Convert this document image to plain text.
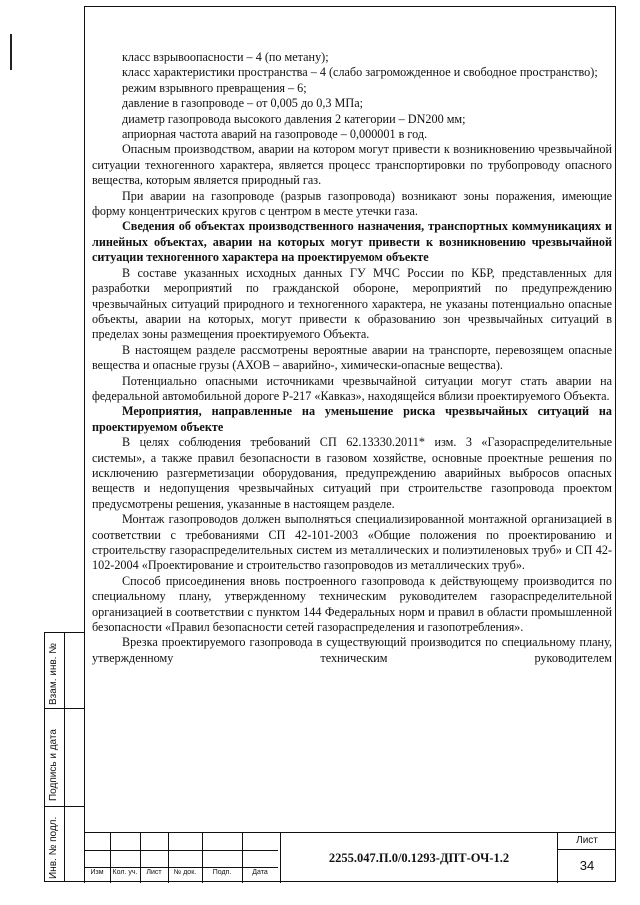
класс взрывоопасности – 4 (по метану);

класс характеристики пространства – 4 (слабо загроможденное и свободное пространство);

режим взрывного превращения – 6;

давление в газопроводе – от 0,005 до 0,3 МПа;

диаметр газопровода высокого давления 2 категории – DN200 мм;

априорная частота аварий на газопроводе – 0,000001 в год.

Опасным производством, аварии на котором могут привести к возникновению чрезвычайной ситуации техногенного характера, является процесс транспортировки по трубопроводу опасного вещества, которым является природный газ.

При аварии на газопроводе (разрыв газопровода) возникают зоны поражения, имеющие форму концентрических кругов с центром в месте утечки газа.

Сведения об объектах производственного назначения, транспортных коммуникациях и линейных объектах, аварии на которых могут привести к возникновению чрезвычайной ситуации техногенного характера на проектируемом объекте

В составе указанных исходных данных ГУ МЧС России по КБР, представленных для разработки мероприятий по гражданской обороне, мероприятий по предупреждению чрезвычайных ситуаций природного и техногенного характера, не указаны потенциально опасные объекты, аварии на которых, могут привести к образованию зон чрезвычайных ситуаций в пределах зоны размещения проектируемого Объекта.

В настоящем разделе рассмотрены вероятные аварии на транспорте, перевозящем опасные вещества и опасные грузы (АХОВ – аварийно-, химически-опасные вещества).

Потенциально опасными источниками чрезвычайной ситуации могут стать аварии на федеральной автомобильной дороге Р-217 «Кавказ», находящейся вблизи проектируемого Объекта.

Мероприятия, направленные на уменьшение риска чрезвычайных ситуаций на проектируемом объекте

В целях соблюдения требований СП 62.13330.2011* изм. 3 «Газораспределительные системы», а также правил безопасности в газовом хозяйстве, основные проектные решения по исключению разгерметизации оборудования, предупреждению аварийных выбросов опасных веществ и недопущения чрезвычайных ситуаций при строительстве газопровода проектом предусмотрены решения, указанные в настоящем разделе.

Монтаж газопроводов должен выполняться специализированной монтажной организацией в соответствии с требованиями СП 42-101-2003 «Общие положения по проектированию и строительству газораспределительных систем из металлических и полиэтиленовых труб» и СП 42-102-2004 «Проектирование и строительство газопроводов из металлических труб».

Способ присоединения вновь построенного газопровода к действующему производится по специальному плану, утвержденному техническим руководителем газораспределительной организацией в соответствии с пунктом 144 Федеральных норм и правил в области промышленной безопасности «Правил безопасности сетей газораспределения и газопотребления».

Врезка проектируемого газопровода в существующий производится по специальному плану, утвержденному техническим руководителем

Взам. инв. №
Подпись и дата
Инв. № подл.	Изм	Кол. уч.	Лист	№ док.	Подп.	Дата
2255.047.П.0/0.1293-ДПТ-ОЧ-1.2
Лист
34
